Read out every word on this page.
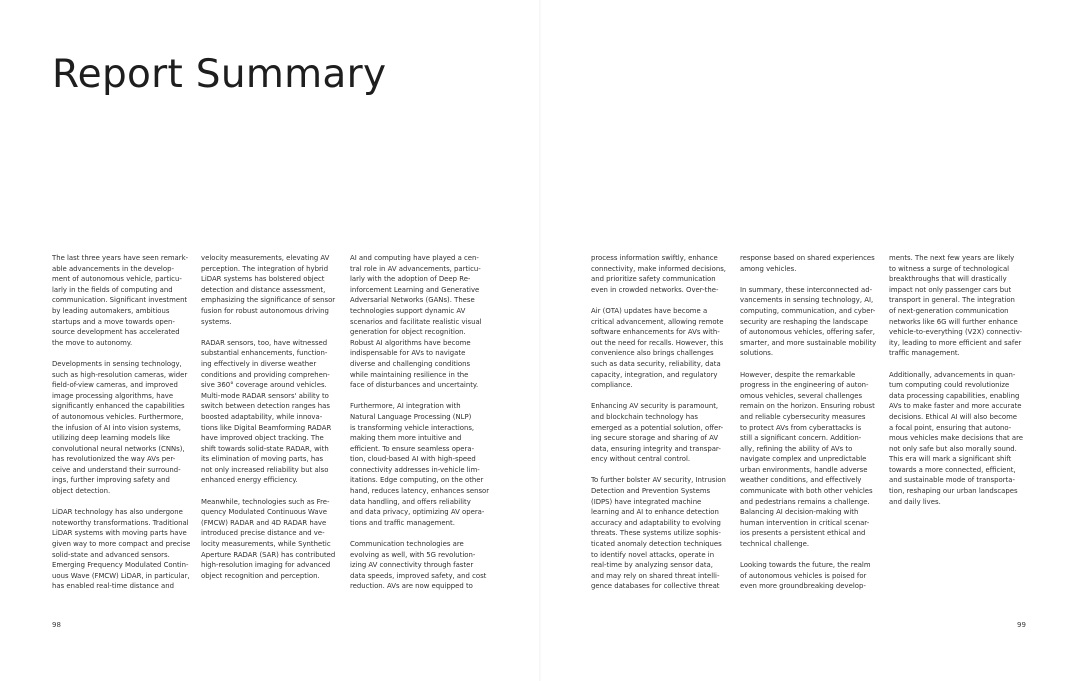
Report Summary

The last three years have seen remark-
able advancements in the develop-
ment of autonomous vehicle, particu-
larly in the fields of computing and
communication. Significant investment
by leading automakers, ambitious
startups and a move towards open-
source development has accelerated
the move to autonomy.

Developments in sensing technology,
such as high-resolution cameras, wider
field-of-view cameras, and improved
image processing algorithms, have
significantly enhanced the capabilities
of autonomous vehicles. Furthermore,
the infusion of AI into vision systems,
utilizing deep learning models like
convolutional neural networks (CNNs),
has revolutionized the way AVs per-
ceive and understand their surround-
ings, further improving safety and
object detection.

LiDAR technology has also undergone
noteworthy transformations. Traditional
LiDAR systems with moving parts have
given way to more compact and precise
solid-state and advanced sensors.
Emerging Frequency Modulated Contin-
uous Wave (FMCW) LiDAR, in particular,
has enabled real-time distance and

velocity measurements, elevating AV
perception. The integration of hybrid
LiDAR systems has bolstered object
detection and distance assessment,
emphasizing the significance of sensor
fusion for robust autonomous driving
systems.

RADAR sensors, too, have witnessed
substantial enhancements, function-
ing effectively in diverse weather
conditions and providing comprehen-
sive 360° coverage around vehicles.
Multi-mode RADAR sensors' ability to
switch between detection ranges has
boosted adaptability, while innova-
tions like Digital Beamforming RADAR
have improved object tracking. The
shift towards solid-state RADAR, with
its elimination of moving parts, has
not only increased reliability but also
enhanced energy efficiency.

Meanwhile, technologies such as Fre-
quency Modulated Continuous Wave
(FMCW) RADAR and 4D RADAR have
introduced precise distance and ve-
locity measurements, while Synthetic
Aperture RADAR (SAR) has contributed
high-resolution imaging for advanced
object recognition and perception.

AI and computing have played a cen-
tral role in AV advancements, particu-
larly with the adoption of Deep Re-
inforcement Learning and Generative
Adversarial Networks (GANs). These
technologies support dynamic AV
scenarios and facilitate realistic visual
generation for object recognition.
Robust AI algorithms have become
indispensable for AVs to navigate
diverse and challenging conditions
while maintaining resilience in the
face of disturbances and uncertainty.

Furthermore, AI integration with
Natural Language Processing (NLP)
is transforming vehicle interactions,
making them more intuitive and
efficient. To ensure seamless opera-
tion, cloud-based AI with high-speed
connectivity addresses in-vehicle lim-
itations. Edge computing, on the other
hand, reduces latency, enhances sensor
data handling, and offers reliability
and data privacy, optimizing AV opera-
tions and traffic management.

Communication technologies are
evolving as well, with 5G revolution-
izing AV connectivity through faster
data speeds, improved safety, and cost
reduction. AVs are now equipped to

process information swiftly, enhance
connectivity, make informed decisions,
and prioritize safety communication
even in crowded networks. Over-the-

Air (OTA) updates have become a
critical advancement, allowing remote
software enhancements for AVs with-
out the need for recalls. However, this
convenience also brings challenges
such as data security, reliability, data
capacity, integration, and regulatory
compliance.

Enhancing AV security is paramount,
and blockchain technology has
emerged as a potential solution, offer-
ing secure storage and sharing of AV
data, ensuring integrity and transpar-
ency without central control.

To further bolster AV security, Intrusion
Detection and Prevention Systems
(IDPS) have integrated machine
learning and AI to enhance detection
accuracy and adaptability to evolving
threats. These systems utilize sophis-
ticated anomaly detection techniques
to identify novel attacks, operate in
real-time by analyzing sensor data,
and may rely on shared threat intelli-
gence databases for collective threat

response based on shared experiences
among vehicles.

In summary, these interconnected ad-
vancements in sensing technology, AI,
computing, communication, and cyber-
security are reshaping the landscape
of autonomous vehicles, offering safer,
smarter, and more sustainable mobility
solutions.

However, despite the remarkable
progress in the engineering of auton-
omous vehicles, several challenges
remain on the horizon. Ensuring robust
and reliable cybersecurity measures
to protect AVs from cyberattacks is
still a significant concern. Addition-
ally, refining the ability of AVs to
navigate complex and unpredictable
urban environments, handle adverse
weather conditions, and effectively
communicate with both other vehicles
and pedestrians remains a challenge.
Balancing AI decision-making with
human intervention in critical scenar-
ios presents a persistent ethical and
technical challenge.

Looking towards the future, the realm
of autonomous vehicles is poised for
even more groundbreaking develop-

ments. The next few years are likely
to witness a surge of technological
breakthroughs that will drastically
impact not only passenger cars but
transport in general. The integration
of next-generation communication
networks like 6G will further enhance
vehicle-to-everything (V2X) connectiv-
ity, leading to more efficient and safer
traffic management.

Additionally, advancements in quan-
tum computing could revolutionize
data processing capabilities, enabling
AVs to make faster and more accurate
decisions. Ethical AI will also become
a focal point, ensuring that autono-
mous vehicles make decisions that are
not only safe but also morally sound.
This era will mark a significant shift
towards a more connected, efficient,
and sustainable mode of transporta-
tion, reshaping our urban landscapes
and daily lives.

98	99
